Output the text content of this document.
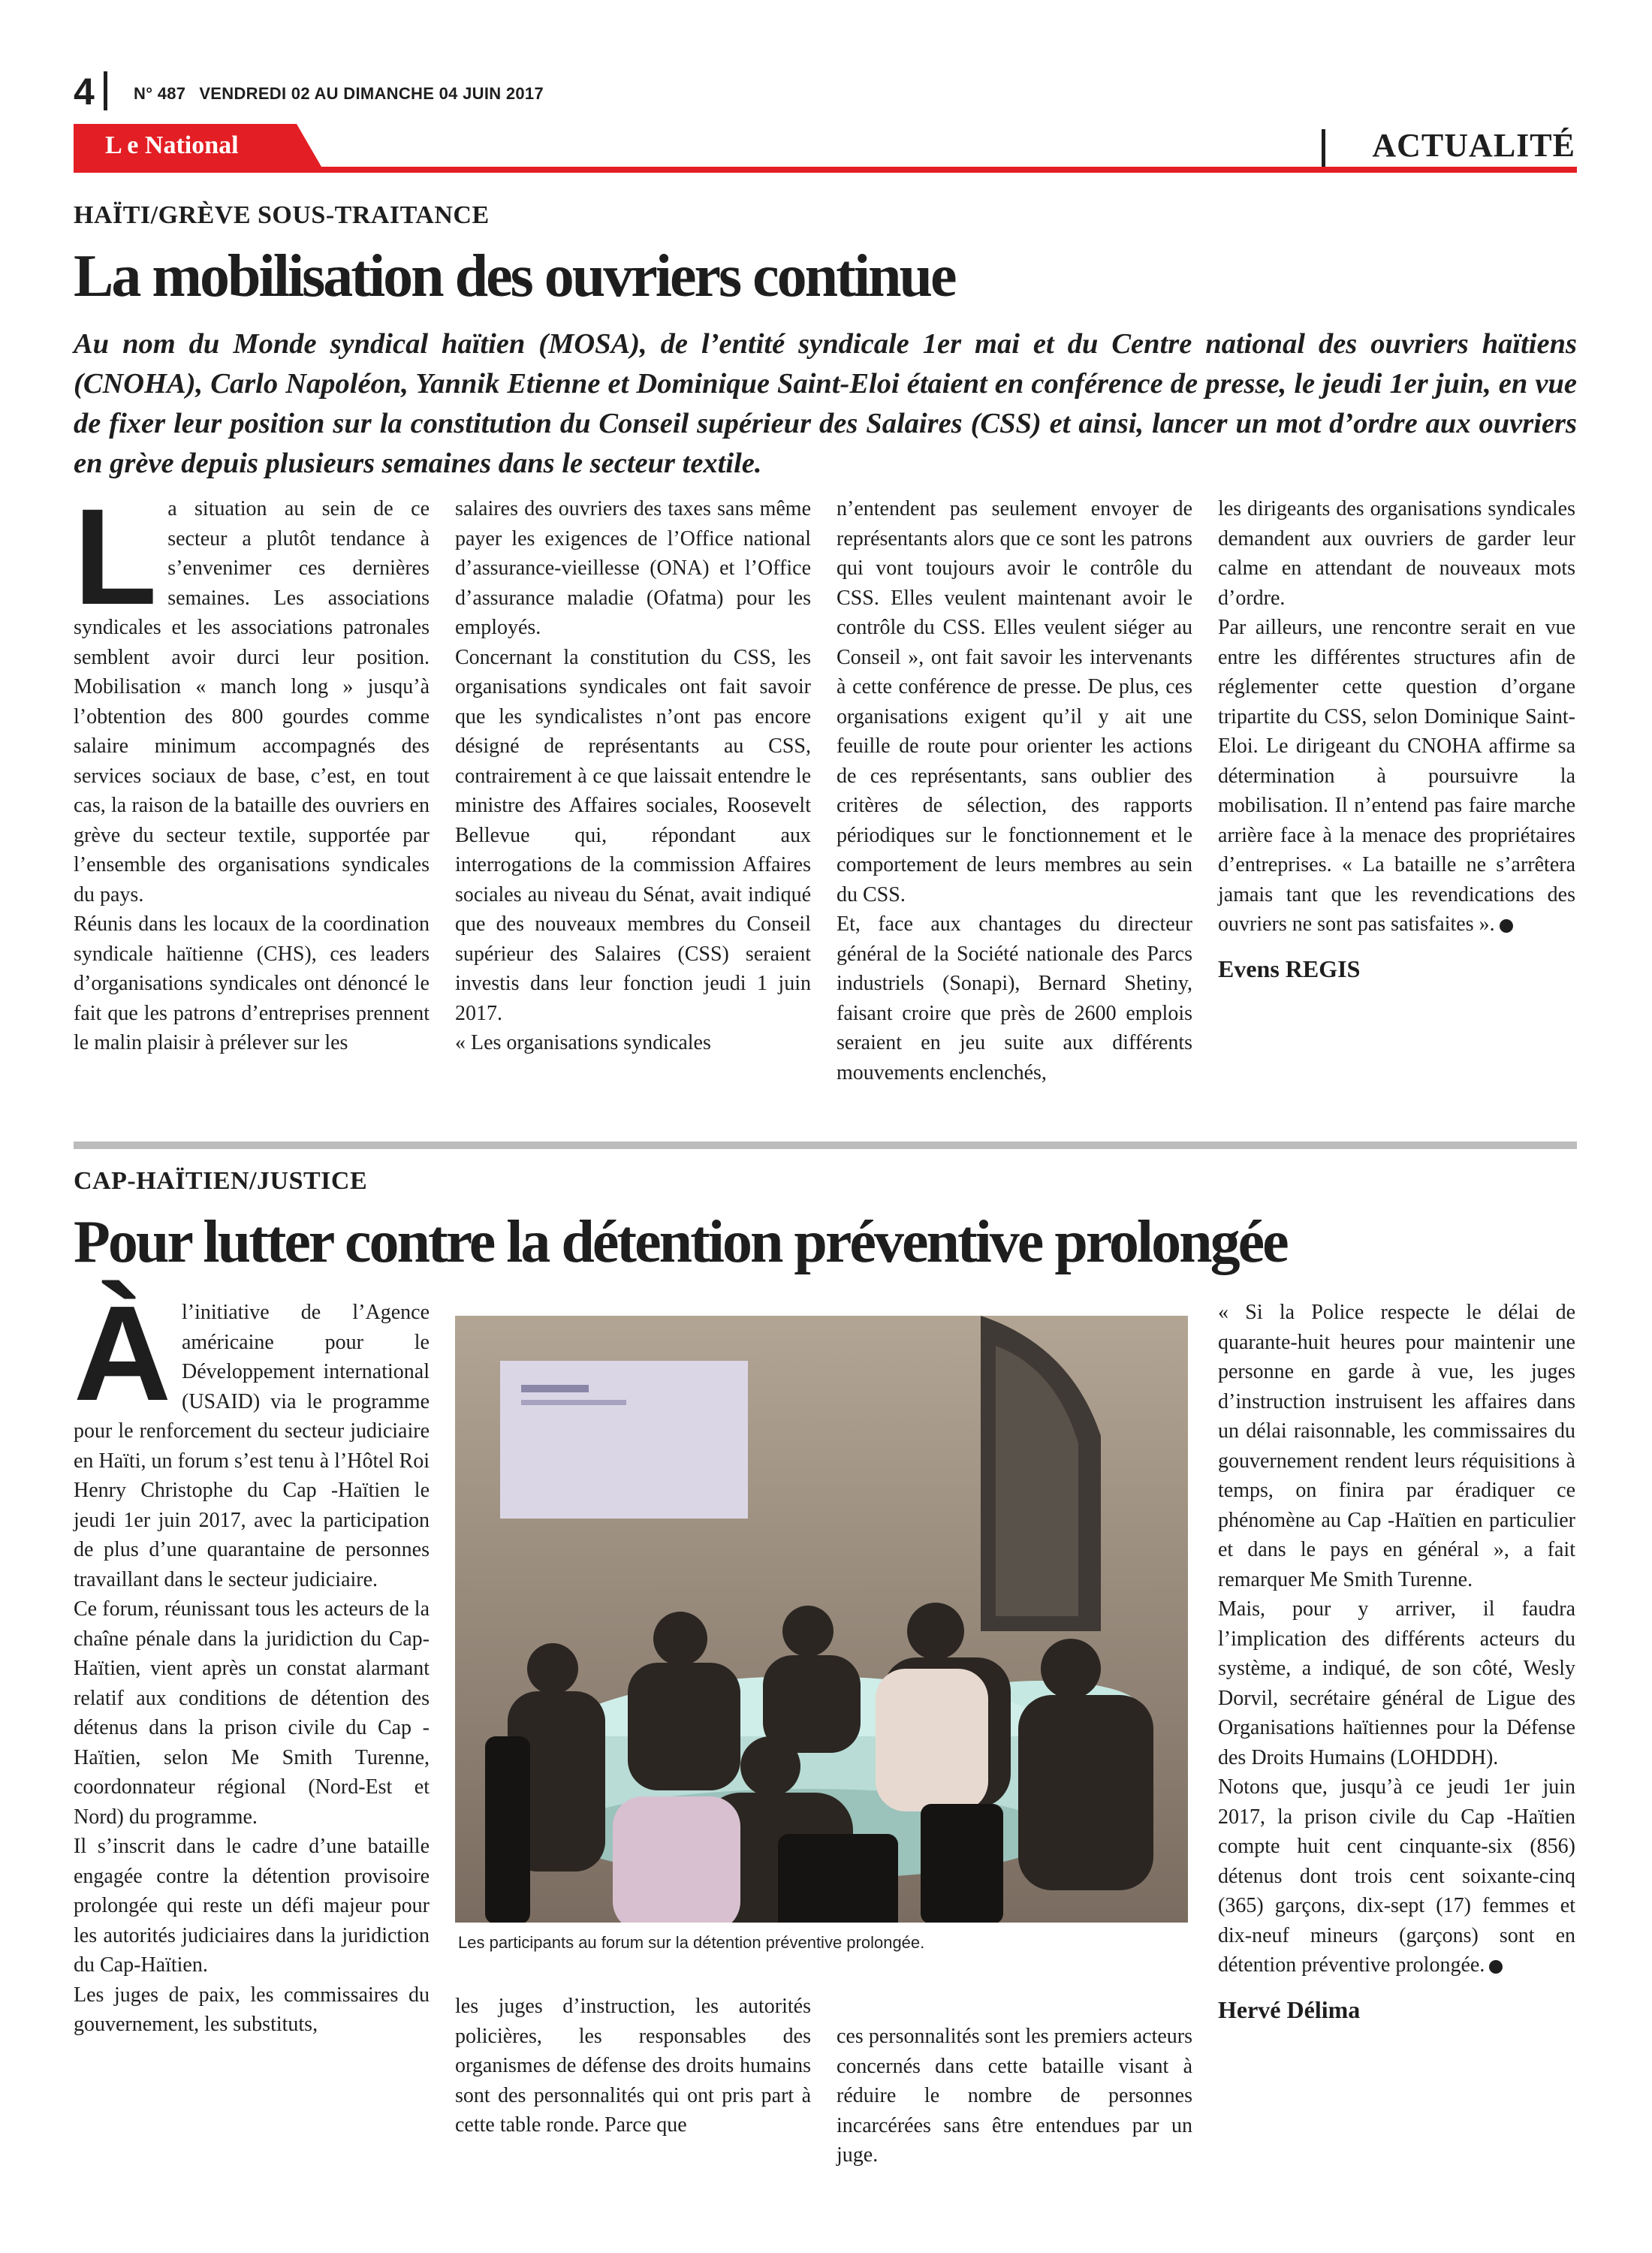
4 N° 487 VENDREDI 02 AU DIMANCHE 04 JUIN 2017
L e National	ACTUALITÉ
HAÏTI/GRÈVE SOUS-TRAITANCE
La mobilisation des ouvriers continue
Au nom du Monde syndical haïtien (MOSA), de l’entité syndicale 1er mai et du Centre national des ouvriers haïtiens (CNOHA), Carlo Napoléon, Yannik Etienne et Dominique Saint-Eloi étaient en conférence de presse, le jeudi 1er juin, en vue de fixer leur position sur la constitution du Conseil supérieur des Salaires (CSS) et ainsi, lancer un mot d’ordre aux ouvriers en grève depuis plusieurs semaines dans le secteur textile.
L a situation au sein de ce secteur a plutôt tendance à s’envenimer ces dernières semaines. Les associations syndicales et les associations patronales semblent avoir durci leur position. Mobilisation « manch long » jusqu’à l’obtention des 800 gourdes comme salaire minimum accompagnés des services sociaux de base, c’est, en tout cas, la raison de la bataille des ouvriers en grève du secteur textile, supportée par l’ensemble des organisations syndicales du pays.

Réunis dans les locaux de la coordination syndicale haïtienne (CHS), ces leaders d’organisations syndicales ont dénoncé le fait que les patrons d’entreprises prennent le malin plaisir à prélever sur les

salaires des ouvriers des taxes sans même payer les exigences de l’Office national d’assurance-vieillesse (ONA) et l’Office d’assurance maladie (Ofatma) pour les employés.

Concernant la constitution du CSS, les organisations syndicales ont fait savoir que les syndicalistes n’ont pas encore désigné de représentants au CSS, contrairement à ce que laissait entendre le ministre des Affaires sociales, Roosevelt Bellevue qui, répondant aux interrogations de la commission Affaires sociales au niveau du Sénat, avait indiqué que des nouveaux membres du Conseil supérieur des Salaires (CSS) seraient investis dans leur fonction jeudi 1 juin 2017.

« Les organisations syndicales

n’entendent pas seulement envoyer de représentants alors que ce sont les patrons qui vont toujours avoir le contrôle du CSS. Elles veulent maintenant avoir le contrôle du CSS. Elles veulent siéger au Conseil », ont fait savoir les intervenants à cette conférence de presse. De plus, ces organisations exigent qu’il y ait une feuille de route pour orienter les actions de ces représentants, sans oublier des critères de sélection, des rapports périodiques sur le fonctionnement et le comportement de leurs membres au sein du CSS.

Et, face aux chantages du directeur général de la Société nationale des Parcs industriels (Sonapi), Bernard Shetiny, faisant croire que près de 2600 emplois seraient en jeu suite aux différents mouvements enclenchés,

les dirigeants des organisations syndicales demandent aux ouvriers de garder leur calme en attendant de nouveaux mots d’ordre.

Par ailleurs, une rencontre serait en vue entre les différentes structures afin de réglementer cette question d’organe tripartite du CSS, selon Dominique Saint-Eloi. Le dirigeant du CNOHA affirme sa détermination à poursuivre la mobilisation. Il n’entend pas faire marche arrière face à la menace des propriétaires d’entreprises. « La bataille ne s’arrêtera jamais tant que les revendications des ouvriers ne sont pas satisfaites ».

Evens REGIS

CAP-HAÏTIEN/JUSTICE
Pour lutter contre la détention préventive prolongée
À l’initiative de l’Agence américaine pour le Développement international (USAID) via le programme pour le renforcement du secteur judiciaire en Haïti, un forum s’est tenu à l’Hôtel Roi Henry Christophe du Cap -Haïtien le jeudi 1er juin 2017, avec la participation de plus d’une quarantaine de personnes travaillant dans le secteur judiciaire.

Ce forum, réunissant tous les acteurs de la chaîne pénale dans la juridiction du Cap-Haïtien, vient après un constat alarmant relatif aux conditions de détention des détenus dans la prison civile du Cap -Haïtien, selon Me Smith Turenne, coordonnateur régional (Nord-Est et Nord) du programme.

Il s’inscrit dans le cadre d’une bataille engagée contre la détention provisoire prolongée qui reste un défi majeur pour les autorités judiciaires dans la juridiction du Cap-Haïtien.

Les juges de paix, les commissaires du gouvernement, les substituts,

Les participants au forum sur la détention préventive prolongée.

les juges d’instruction, les autorités policières, les responsables des organismes de défense des droits humains sont des personnalités qui ont pris part à cette table ronde. Parce que

ces personnalités sont les premiers acteurs concernés dans cette bataille visant à réduire le nombre de personnes incarcérées sans être entendues par un juge.

« Si la Police respecte le délai de quarante-huit heures pour maintenir une personne en garde à vue, les juges d’instruction instruisent les affaires dans un délai raisonnable, les commissaires du gouvernement rendent leurs réquisitions à temps, on finira par éradiquer ce phénomène au Cap -Haïtien en particulier et dans le pays en général », a fait remarquer Me Smith Turenne.

Mais, pour y arriver, il faudra l’implication des différents acteurs du système, a indiqué, de son côté, Wesly Dorvil, secrétaire général de Ligue des Organisations haïtiennes pour la Défense des Droits Humains (LOHDDH).

Notons que, jusqu’à ce jeudi 1er juin 2017, la prison civile du Cap -Haïtien compte huit cent cinquante-six (856) détenus dont trois cent soixante-cinq (365) garçons, dix-sept (17) femmes et dix-neuf mineurs (garçons) sont en détention préventive prolongée.

Hervé Délima
